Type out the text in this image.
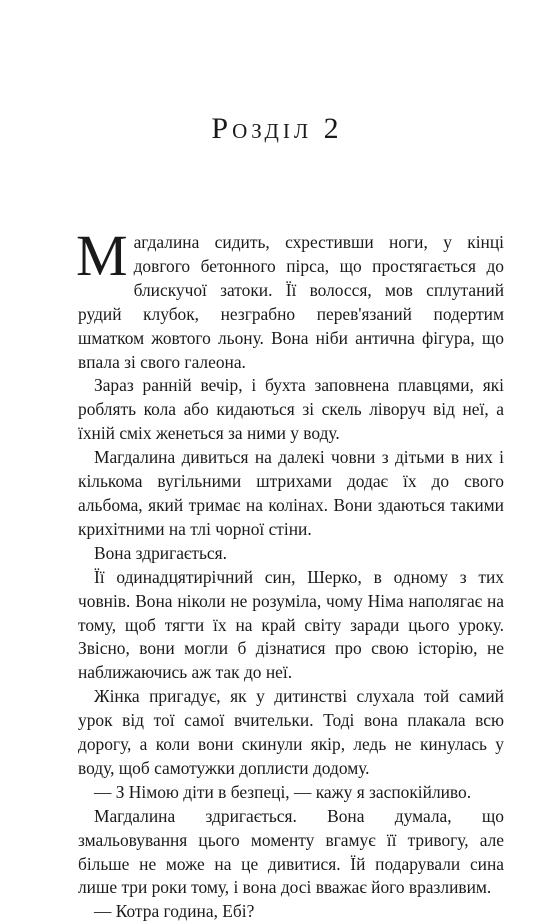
Розділ 2

Магдалина сидить, схрестивши ноги, у кінці довгого бетонного пірса, що простягається до блискучої затоки. Її волосся, мов сплутаний рудий клубок, незграбно перев'язаний подертим шматком жовтого льону. Вона ніби антична фігура, що впала зі свого галеона.

Зараз ранній вечір, і бухта заповнена плавцями, які роблять кола або кидаються зі скель ліворуч від неї, а їхній сміх женеться за ними у воду.

Магдалина дивиться на далекі човни з дітьми в них і кількома вугільними штрихами додає їх до свого альбома, який тримає на колінах. Вони здаються такими крихітними на тлі чорної стіни.

Вона здригається.

Її одинадцятирічний син, Шерко, в одному з тих човнів. Вона ніколи не розуміла, чому Німа наполягає на тому, щоб тягти їх на край світу заради цього уроку. Звісно, вони могли б дізнатися про свою історію, не наближаючись аж так до неї.

Жінка пригадує, як у дитинстві слухала той самий урок від тої самої вчительки. Тоді вона плакала всю дорогу, а коли вони скинули якір, ледь не кинулась у воду, щоб самотужки доплисти додому.

— З Німою діти в безпеці, — кажу я заспокійливо.

Магдалина здригається. Вона думала, що змальовування цього моменту вгамує її тривогу, але більше не може на це дивитися. Їй подарували сина лише три роки тому, і вона досі вважає його вразливим.

— Котра година, Ебі?
